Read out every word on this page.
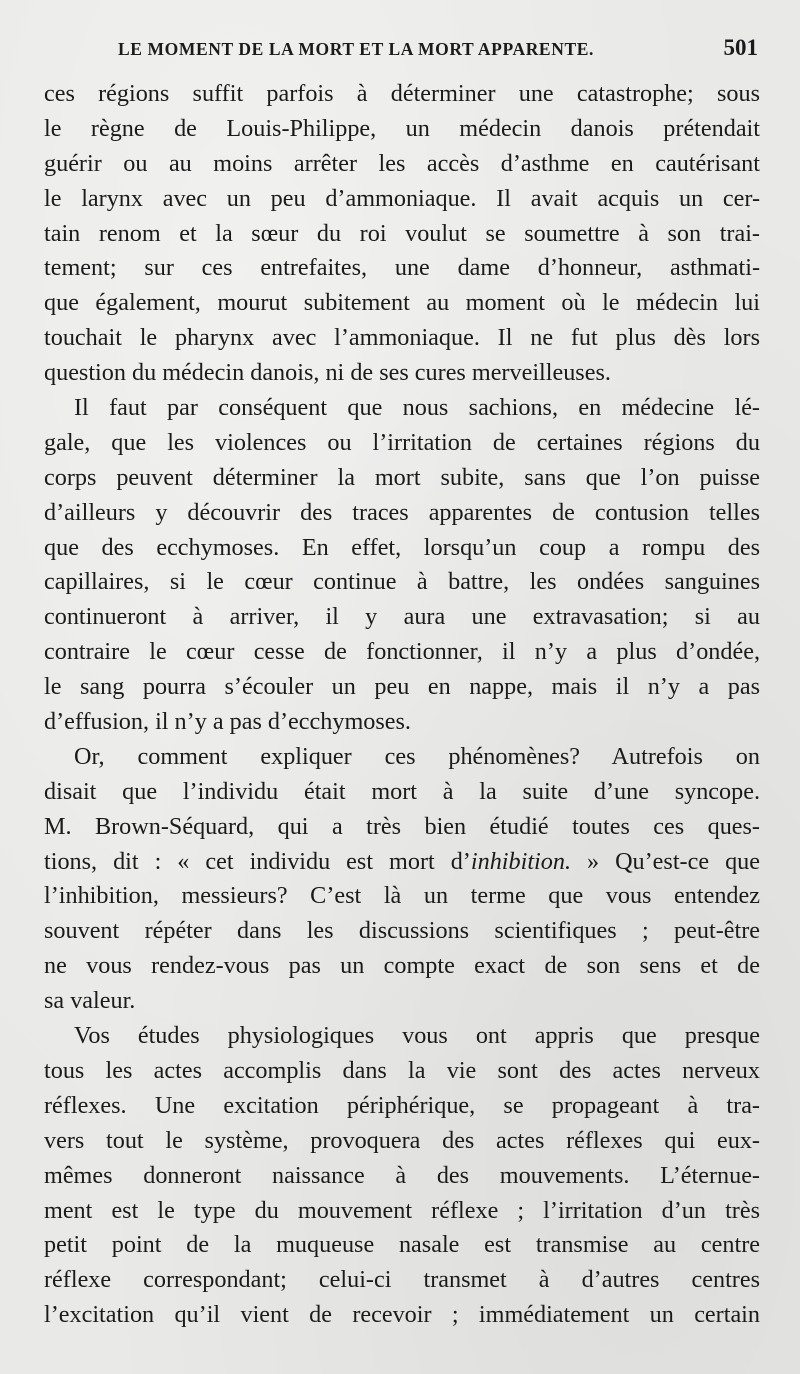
LE MOMENT DE LA MORT ET LA MORT APPARENTE.	501
ces régions suffit parfois à déterminer une catastrophe; sous
le règne de Louis-Philippe, un médecin danois prétendait
guérir ou au moins arrêter les accès d’asthme en cautérisant
le larynx avec un peu d’ammoniaque. Il avait acquis un cer-
tain renom et la sœur du roi voulut se soumettre à son trai-
tement; sur ces entrefaites, une dame d’honneur, asthmati-
que également, mourut subitement au moment où le médecin lui
touchait le pharynx avec l’ammoniaque. Il ne fut plus dès lors
question du médecin danois, ni de ses cures merveilleuses.
Il faut par conséquent que nous sachions, en médecine lé-
gale, que les violences ou l’irritation de certaines régions du
corps peuvent déterminer la mort subite, sans que l’on puisse
d’ailleurs y découvrir des traces apparentes de contusion telles
que des ecchymoses. En effet, lorsqu’un coup a rompu des
capillaires, si le cœur continue à battre, les ondées sanguines
continueront à arriver, il y aura une extravasation; si au
contraire le cœur cesse de fonctionner, il n’y a plus d’ondée,
le sang pourra s’écouler un peu en nappe, mais il n’y a pas
d’effusion, il n’y a pas d’ecchymoses.
Or, comment expliquer ces phénomènes? Autrefois on
disait que l’individu était mort à la suite d’une syncope.
M. Brown-Séquard, qui a très bien étudié toutes ces ques-
tions, dit : « cet individu est mort d’inhibition. » Qu’est-ce que
l’inhibition, messieurs? C’est là un terme que vous entendez
souvent répéter dans les discussions scientifiques ; peut-être
ne vous rendez-vous pas un compte exact de son sens et de
sa valeur.
Vos études physiologiques vous ont appris que presque
tous les actes accomplis dans la vie sont des actes nerveux
réflexes. Une excitation périphérique, se propageant à tra-
vers tout le système, provoquera des actes réflexes qui eux-
mêmes donneront naissance à des mouvements. L’éternue-
ment est le type du mouvement réflexe ; l’irritation d’un très
petit point de la muqueuse nasale est transmise au centre
réflexe correspondant; celui-ci transmet à d’autres centres
l’excitation qu’il vient de recevoir ; immédiatement un certain
